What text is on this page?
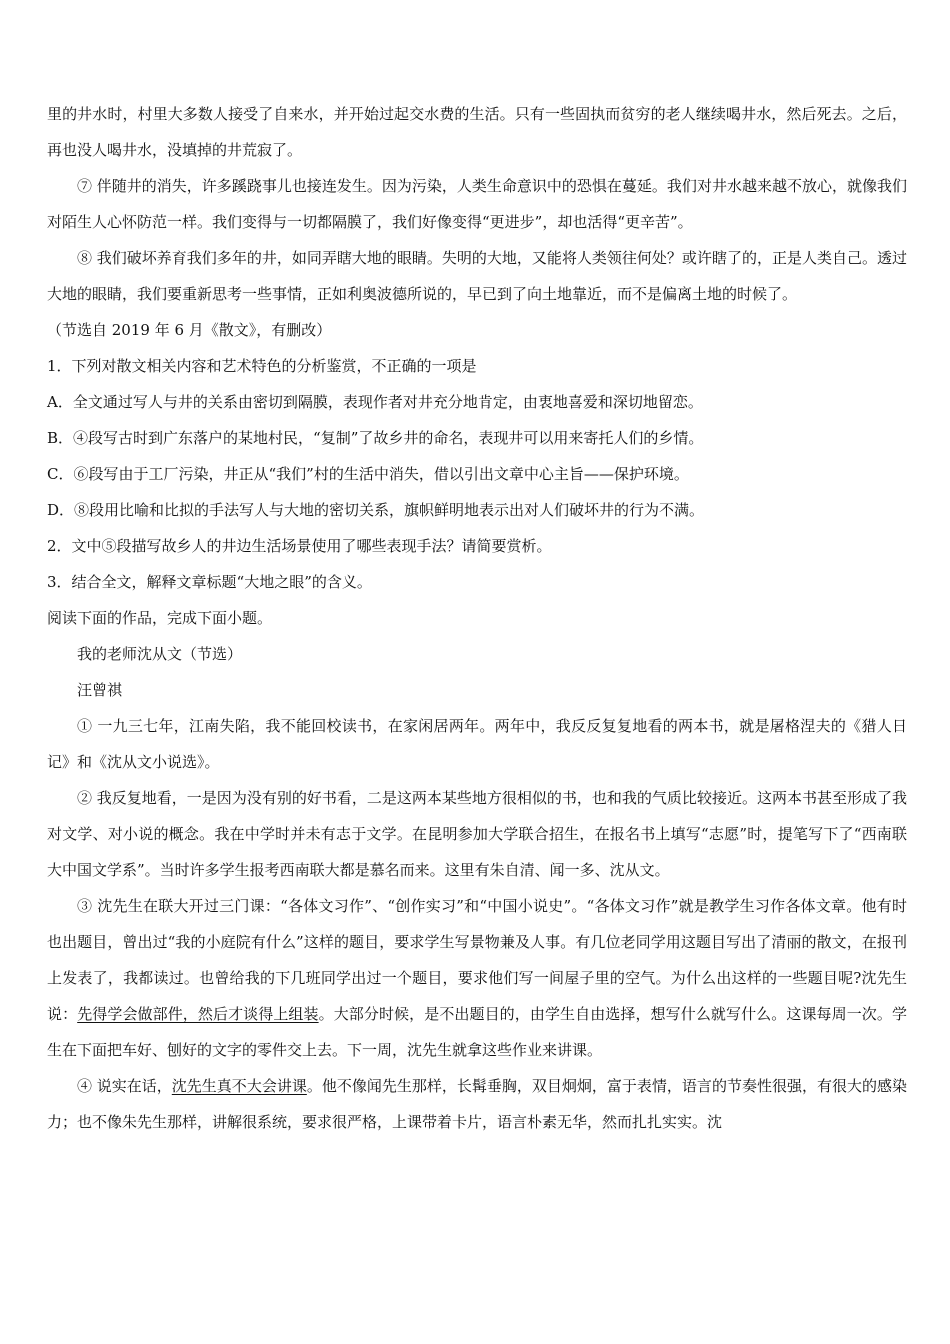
里的井水时，村里大多数人接受了自来水，并开始过起交水费的生活。只有一些固执而贫穷的老人继续喝井水，然后死去。之后，再也没人喝井水，没填掉的井荒寂了。

⑦ 伴随井的消失，许多蹊跷事儿也接连发生。因为污染，人类生命意识中的恐惧在蔓延。我们对井水越来越不放心，就像我们对陌生人心怀防范一样。我们变得与一切都隔膜了，我们好像变得“更进步”，却也活得“更辛苦”。

⑧ 我们破坏养育我们多年的井，如同弄瞎大地的眼睛。失明的大地，又能将人类领往何处？或许瞎了的，正是人类自己。透过大地的眼睛，我们要重新思考一些事情，正如利奥波德所说的，早已到了向土地靠近，而不是偏离土地的时候了。

（节选自 2019 年 6 月《散文》，有删改）

1．下列对散文相关内容和艺术特色的分析鉴赏，不正确的一项是

A．全文通过写人与井的关系由密切到隔膜，表现作者对井充分地肯定，由衷地喜爱和深切地留恋。

B．④段写古时到广东落户的某地村民，“复制”了故乡井的命名，表现井可以用来寄托人们的乡情。

C．⑥段写由于工厂污染，井正从“我们”村的生活中消失，借以引出文章中心主旨——保护环境。

D．⑧段用比喻和比拟的手法写人与大地的密切关系，旗帜鲜明地表示出对人们破坏井的行为不满。

2．文中⑤段描写故乡人的井边生活场景使用了哪些表现手法？请简要赏析。

3．结合全文，解释文章标题“大地之眼”的含义。

阅读下面的作品，完成下面小题。

我的老师沈从文（节选）

汪曾祺

① 一九三七年，江南失陷，我不能回校读书，在家闲居两年。两年中，我反反复复地看的两本书，就是屠格涅夫的《猎人日记》和《沈从文小说选》。

② 我反复地看，一是因为没有别的好书看，二是这两本某些地方很相似的书，也和我的气质比较接近。这两本书甚至形成了我对文学、对小说的概念。我在中学时并未有志于文学。在昆明参加大学联合招生，在报名书上填写“志愿”时，提笔写下了“西南联大中国文学系”。当时许多学生报考西南联大都是慕名而来。这里有朱自清、闻一多、沈从文。

③ 沈先生在联大开过三门课：“各体文习作”、“创作实习”和“中国小说史”。“各体文习作”就是教学生习作各体文章。他有时也出题目，曾出过“我的小庭院有什么”这样的题目，要求学生写景物兼及人事。有几位老同学用这题目写出了清丽的散文，在报刊上发表了，我都读过。也曾给我的下几班同学出过一个题目，要求他们写一间屋子里的空气。为什么出这样的一些题目呢?沈先生说：先得学会做部件，然后才谈得上组装。大部分时候，是不出题目的，由学生自由选择，想写什么就写什么。这课每周一次。学生在下面把车好、刨好的文字的零件交上去。下一周，沈先生就拿这些作业来讲课。

④ 说实在话，沈先生真不大会讲课。他不像闻先生那样，长髯垂胸，双目炯炯，富于表情，语言的节奏性很强，有很大的感染力；也不像朱先生那样，讲解很系统，要求很严格，上课带着卡片，语言朴素无华，然而扎扎实实。沈
